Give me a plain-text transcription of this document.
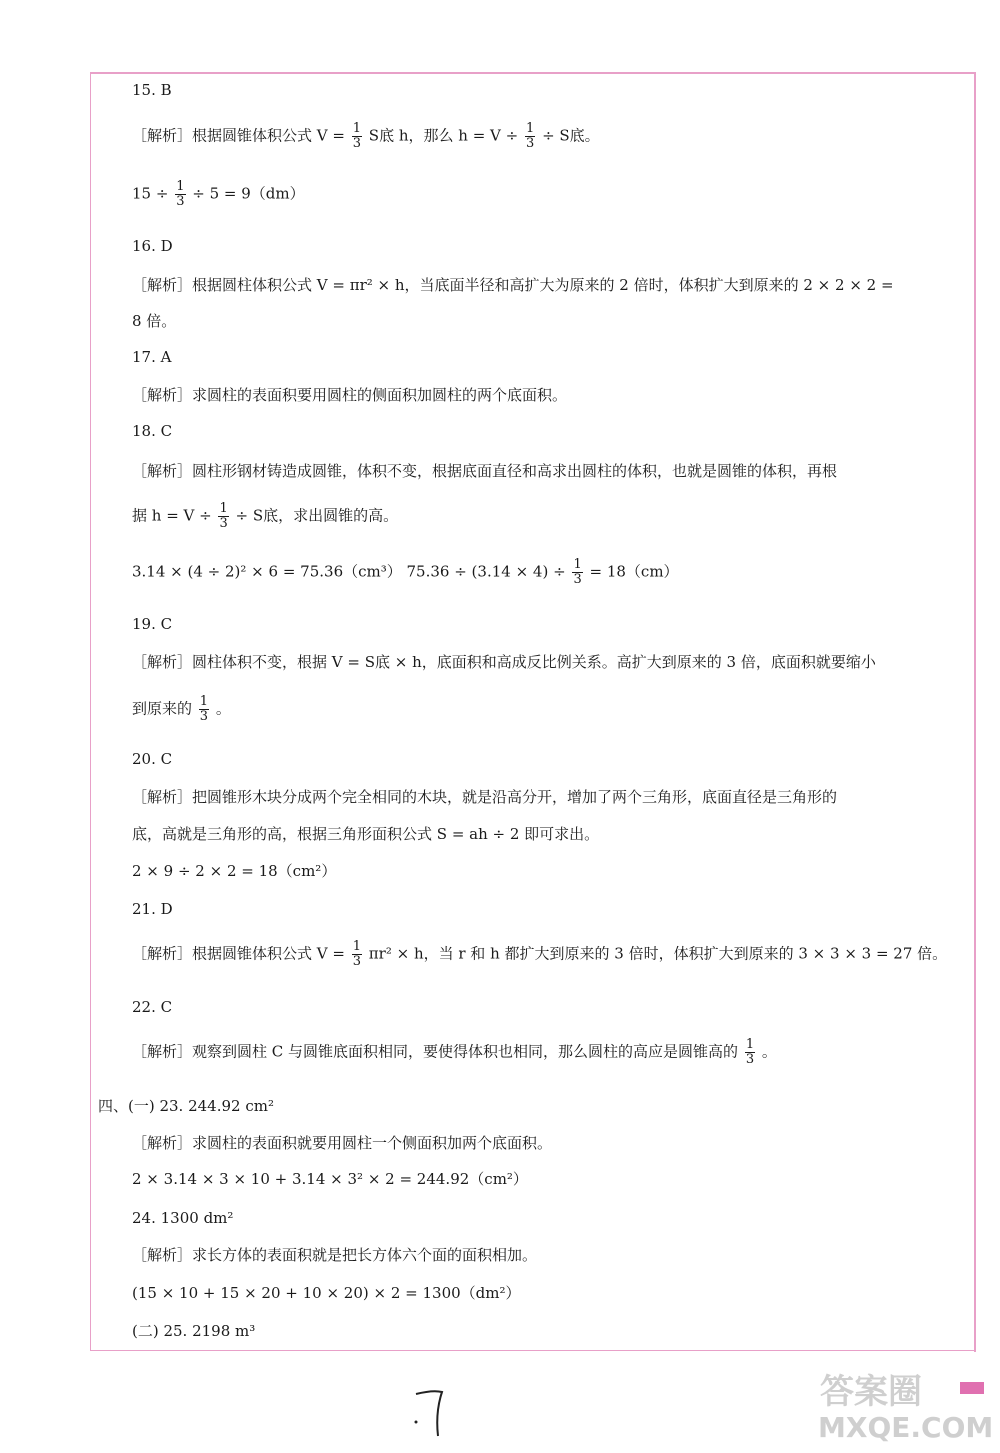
15. B
［解析］根据圆锥体积公式 $V = \frac{1}{3}$ S底 h，那么 $h = V \div \frac{1}{3} \div S$底。
$15 \div \frac{1}{3} \div 5 = 9(dm)$
16. D
［解析］根据圆柱体积公式 V = πr² × h，当底面半径和高扩大为原来的 2 倍时，体积扩大到原来的 2 × 2 × 2 =
8 倍。
17. A
［解析］求圆柱的表面积要用圆柱的侧面积加圆柱的两个底面积。
18. C
［解析］圆柱形钢材铸造成圆锥，体积不变，根据底面直径和高求出圆柱的体积，也就是圆锥的体积，再根
据 $h = V \div \frac{1}{3} \div S$底，求出圆锥的高。
3.14 × (4 ÷ 2)² × 6 = 75.36（cm³） $75.36 \div (3.14 \times 4) \div \frac{1}{3} = 18(cm)$
19. C
［解析］圆柱体积不变，根据 V = S底 × h，底面积和高成反比例关系。高扩大到原来的 3 倍，底面积就要缩小
到原来的 $\frac{1}{3}$ 。
20. C
［解析］把圆锥形木块分成两个完全相同的木块，就是沿高分开，增加了两个三角形，底面直径是三角形的
底，高就是三角形的高，根据三角形面积公式 S = ah ÷ 2 即可求出。
2 × 9 ÷ 2 × 2 = 18（cm²）
21. D
［解析］根据圆锥体积公式 $V = \frac{1}{3} \pi r^2 \times h$，当 r 和 h 都扩大到原来的 3 倍时，体积扩大到原来的 3 × 3 × 3 = 27 倍。
22. C
［解析］观察到圆柱 C 与圆锥底面积相同，要使得体积也相同，那么圆柱的高应是圆锥高的 $\frac{1}{3}$ 。
四、(一) 23. 244.92 cm²
［解析］求圆柱的表面积就要用圆柱一个侧面积加两个底面积。
2 × 3.14 × 3 × 10 + 3.14 × 3² × 2 = 244.92（cm²）
24. 1300 dm²
［解析］求长方体的表面积就是把长方体六个面的面积相加。
(15 × 10 + 15 × 20 + 10 × 20) × 2 = 1300（dm²）
(二) 25. 2198 m³
答案圈
MXQE.COM
